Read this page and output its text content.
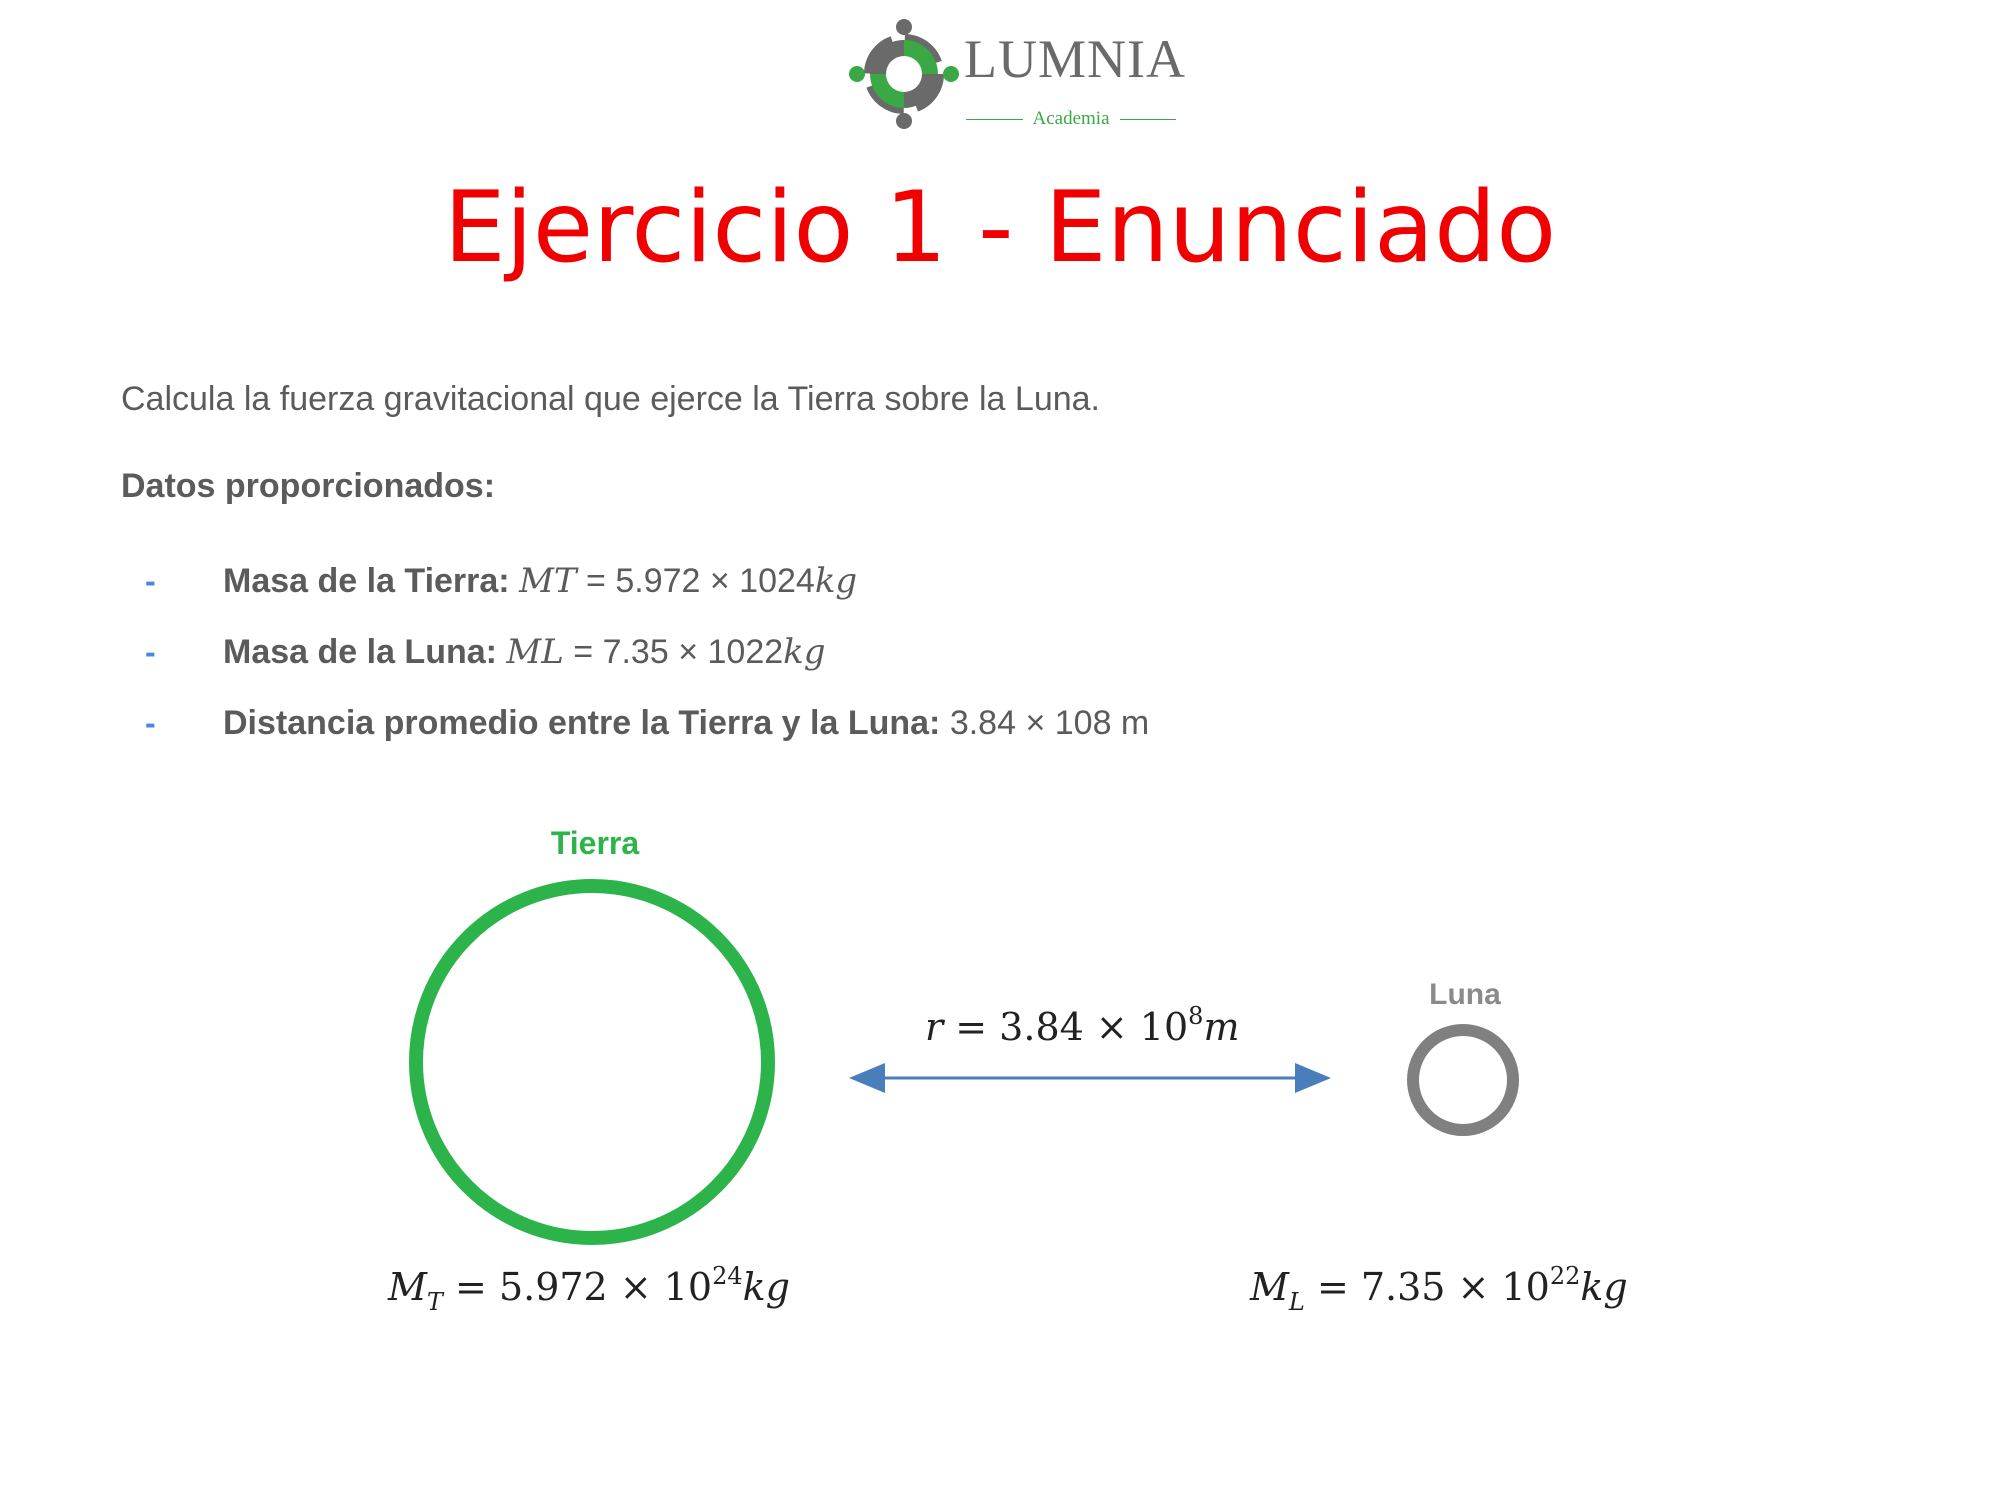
LUMNIA
Academia
Ejercicio 1 - Enunciado

Calcula la fuerza gravitacional que ejerce la Tierra sobre la Luna.

Datos proporcionados:

-	Masa de la Tierra:
MT = 5.972 × 10 24 kg
-	Masa de la Luna:
ML = 7.35 × 10 22 kg
-	Distancia promedio entre la Tierra y la Luna: 3.84 × 10 8 m
Tierra
Luna
$r = 3.84 \times 10^8m$
$M_T = 5.972 \times 10^{24}kg$	$M_L = 7.35 \times 10^{22}kg$
